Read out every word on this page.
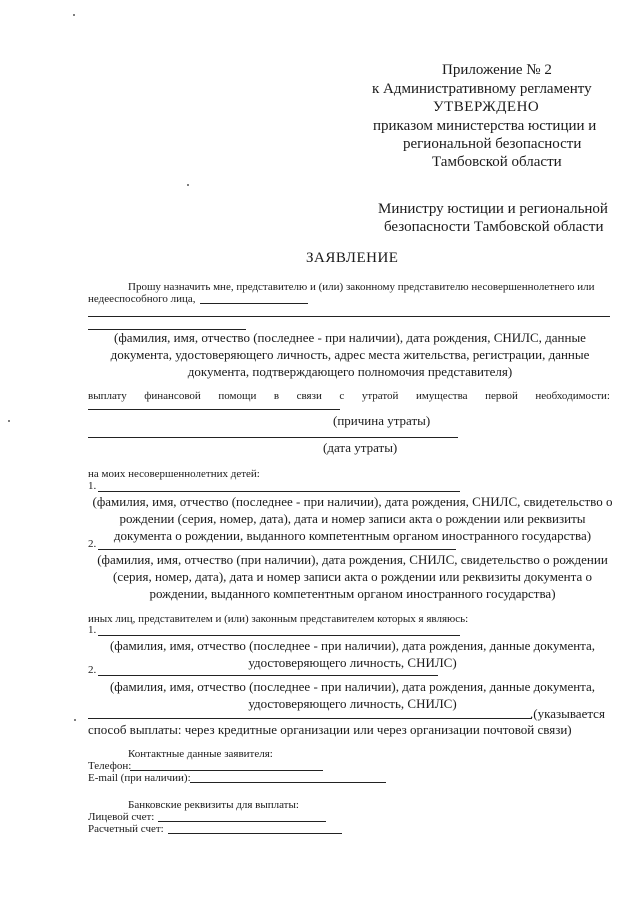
Приложение № 2
к Административному регламенту
УТВЕРЖДЕНО
приказом министерства юстиции и
региональной безопасности
Тамбовской области
Министру юстиции и региональной
безопасности Тамбовской области
ЗАЯВЛЕНИЕ
Прошу назначить мне, представителю и (или) законному представителю несовершеннолетнего или
недееспособного лица,
(фамилия, имя, отчество (последнее - при наличии), дата рождения, СНИЛС, данные
документа, удостоверяющего личность, адрес места жительства, регистрации, данные
документа, подтверждающего полномочия представителя)
выплату финансовой помощи в связи с утратой имущества первой необходимости:
(причина утраты)
(дата утраты)
на моих несовершеннолетних детей:
1.
(фамилия, имя, отчество (последнее - при наличии), дата рождения, СНИЛС, свидетельство о
рождении (серия, номер, дата), дата и номер записи акта о рождении или реквизиты
документа о рождении, выданного компетентным органом иностранного государства)
2.
(фамилия, имя, отчество (при наличии), дата рождения, СНИЛС, свидетельство о рождении
(серия, номер, дата), дата и номер записи акта о рождении или реквизиты документа о
рождении, выданного компетентным органом иностранного государства)
иных лиц, представителем и (или) законным представителем которых я являюсь:
1.
(фамилия, имя, отчество (последнее - при наличии), дата рождения, данные документа,
удостоверяющего личность, СНИЛС)
2.
(фамилия, имя, отчество (последнее - при наличии), дата рождения, данные документа,
удостоверяющего личность, СНИЛС)
.(указывается
способ выплаты: через кредитные организации или через организации почтовой связи)
Контактные данные заявителя:
Телефон:
E-mail (при наличии):
Банковские реквизиты для выплаты:
Лицевой счет:
Расчетный счет:
